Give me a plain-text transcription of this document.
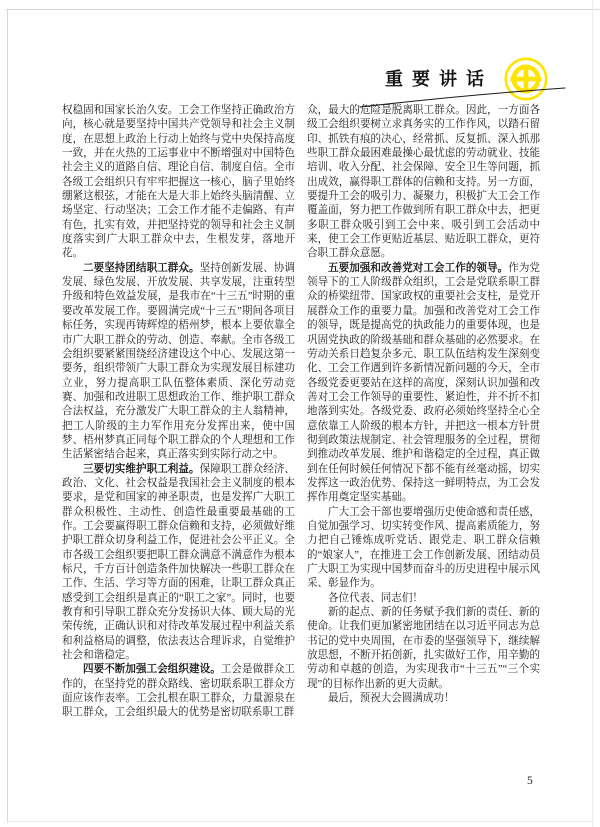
重要讲话

权稳固和国家长治久安。工会工作坚持正确政治方向，核心就是要坚持中国共产党领导和社会主义制度，在思想上政治上行动上始终与党中央保持高度一致，并在火热的工运事业中不断增强对中国特色社会主义的道路自信、理论自信、制度自信。全市各级工会组织只有牢牢把握这一核心，脑子里始终绷紧这根弦，才能在大是大非上始终头脑清醒、立场坚定、行动坚决；工会工作才能不走偏路、有声有色，扎实有效，并把坚持党的领导和社会主义制度落实到广大职工群众中去，生根发芽，落地开花。

二要坚持团结职工群众。坚持创新发展、协调发展、绿色发展、开放发展、共享发展，注重转型升级和特色效益发展，是我市在“十三五”时期的重要改革发展工作。要圆满完成“十三五”期间各项目标任务，实现再铸辉煌的梧州梦，根本上要依靠全市广大职工群众的劳动、创造、奉献。全市各级工会组织要紧紧围绕经济建设这个中心、发展这第一要务，组织带领广大职工群众为实现发展目标建功立业，努力提高职工队伍整体素质、深化劳动竞赛、加强和改进职工思想政治工作、维护职工群众合法权益，充分激发广大职工群众的主人翁精神，把工人阶级的主力军作用充分发挥出来，使中国梦、梧州梦真正同每个职工群众的个人理想和工作生活紧密结合起来，真正落实到实际行动之中。

三要切实维护职工利益。保障职工群众经济、政治、文化、社会权益是我国社会主义制度的根本要求，是党和国家的神圣职责，也是发挥广大职工群众积极性、主动性、创造性最重要最基础的工作。工会要赢得职工群众信赖和支持，必须做好维护职工群众切身利益工作，促进社会公平正义。全市各级工会组织要把职工群众满意不满意作为根本标尺，千方百计创造条件加快解决一些职工群众在工作、生活、学习等方面的困难，让职工群众真正感受到工会组织是真正的“职工之家”。同时，也要教育和引导职工群众充分发扬识大体、顾大局的光荣传统，正确认识和对待改革发展过程中利益关系和利益格局的调整，依法表达合理诉求，自觉维护社会和谐稳定。

四要不断加强工会组织建设。工会是做群众工作的，在坚持党的群众路线、密切联系职工群众方面应该作表率。工会扎根在职工群众，力量源泉在职工群众，工会组织最大的优势是密切联系职工群

众，最大的危险是脱离职工群众。因此，一方面各级工会组织要树立求真务实的工作作风，以踏石留印、抓铁有痕的决心，经常抓、反复抓、深入抓那些职工群众最困难最操心最忧虑的劳动就业、技能培训、收入分配、社会保障、安全卫生等问题，抓出成效，赢得职工群体的信赖和支持。另一方面，要提升工会的吸引力、凝聚力，积极扩大工会工作覆盖面，努力把工作做到所有职工群众中去，把更多职工群众吸引到工会中来、吸引到工会活动中来，使工会工作更贴近基层、贴近职工群众，更符合职工群众意愿。

五要加强和改善党对工会工作的领导。作为党领导下的工人阶级群众组织，工会是党联系职工群众的桥梁纽带、国家政权的重要社会支柱，是党开展群众工作的重要力量。加强和改善党对工会工作的领导，既是提高党的执政能力的重要体现，也是巩固党执政的阶级基础和群众基础的必然要求。在劳动关系日趋复杂多元、职工队伍结构发生深刻变化、工会工作遇到许多新情况新问题的今天，全市各级党委更要站在这样的高度，深刻认识加强和改善对工会工作领导的重要性、紧迫性，并不折不扣地落到实处。各级党委、政府必须始终坚持全心全意依靠工人阶级的根本方针，并把这一根本方针贯彻到政策法规制定、社会管理服务的全过程，贯彻到推动改革发展、维护和谐稳定的全过程，真正做到在任何时候任何情况下都不能有丝毫动摇，切实发挥这一政治优势、保持这一鲜明特点，为工会发挥作用奠定坚实基础。

广大工会干部也要增强历史使命感和责任感，自觉加强学习、切实转变作风、提高素质能力，努力把自己锤炼成听党话、跟党走、职工群众信赖的“娘家人”，在推进工会工作创新发展、团结动员广大职工为实现中国梦而奋斗的历史进程中展示风采、彰显作为。

各位代表、同志们！

新的起点、新的任务赋予我们新的责任、新的使命。让我们更加紧密地团结在以习近平同志为总书记的党中央周围，在市委的坚强领导下，继续解放思想，不断开拓创新，扎实做好工作，用辛勤的劳动和卓越的创造，为实现我市“十三五”“三个实现”的目标作出新的更大贡献。

最后，预祝大会圆满成功！

5
